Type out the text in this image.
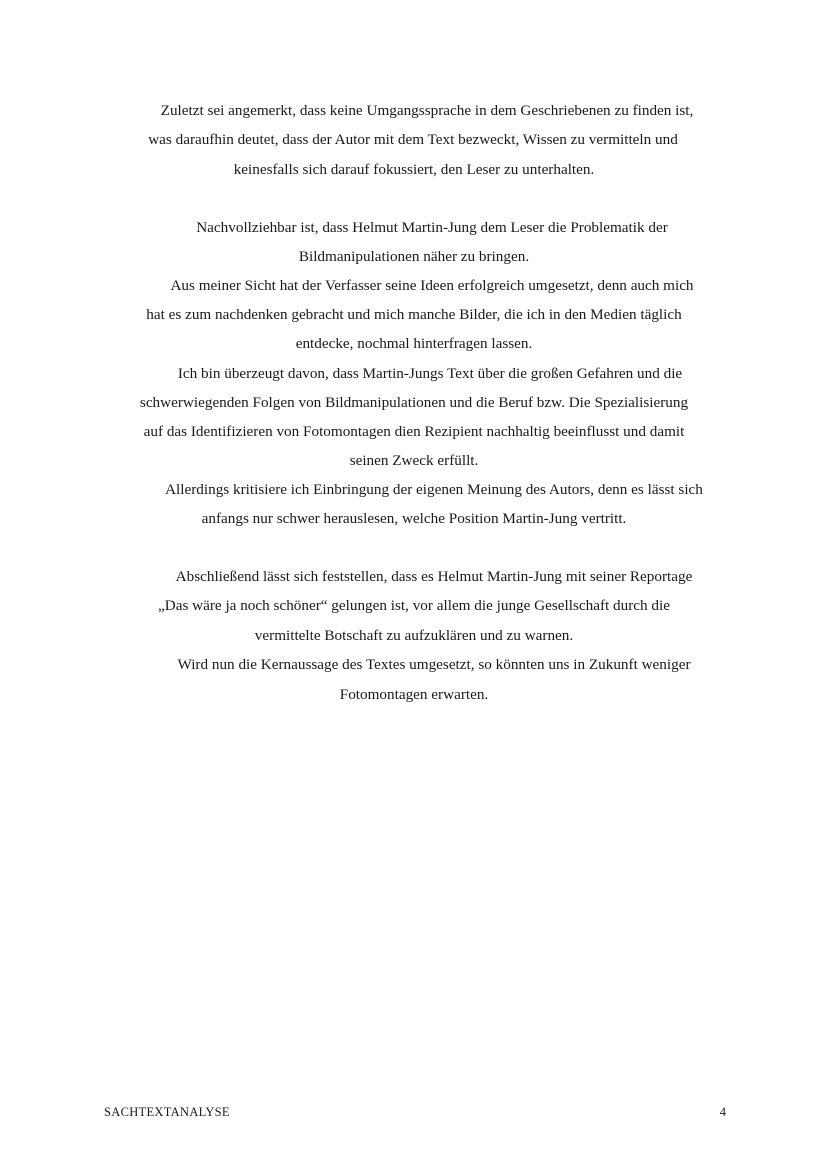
Zuletzt sei angemerkt, dass keine Umgangssprache in dem Geschriebenen zu finden ist,
was daraufhin deutet, dass der Autor mit dem Text bezweckt, Wissen zu vermitteln und
keinesfalls sich darauf fokussiert, den Leser zu unterhalten.
Nachvollziehbar ist, dass Helmut Martin-Jung dem Leser die Problematik der
Bildmanipulationen näher zu bringen.
Aus meiner Sicht hat der Verfasser seine Ideen erfolgreich umgesetzt, denn auch mich
hat es zum nachdenken gebracht und mich manche Bilder, die ich in den Medien täglich
entdecke, nochmal hinterfragen lassen.
Ich bin überzeugt davon, dass Martin-Jungs Text über die großen Gefahren und die
schwerwiegenden Folgen von Bildmanipulationen und die Beruf bzw. Die Spezialisierung
auf das Identifizieren von Fotomontagen dien Rezipient nachhaltig beeinflusst und damit
seinen Zweck erfüllt.
Allerdings kritisiere ich Einbringung der eigenen Meinung des Autors, denn es lässt sich
anfangs nur schwer herauslesen, welche Position Martin-Jung vertritt.
Abschließend lässt sich feststellen, dass es Helmut Martin-Jung mit seiner Reportage
„Das wäre ja noch schöner“ gelungen ist, vor allem die junge Gesellschaft durch die
vermittelte Botschaft zu aufzuklären und zu warnen.
Wird nun die Kernaussage des Textes umgesetzt, so könnten uns in Zukunft weniger
Fotomontagen erwarten.
SACHTEXTANALYSE	4
